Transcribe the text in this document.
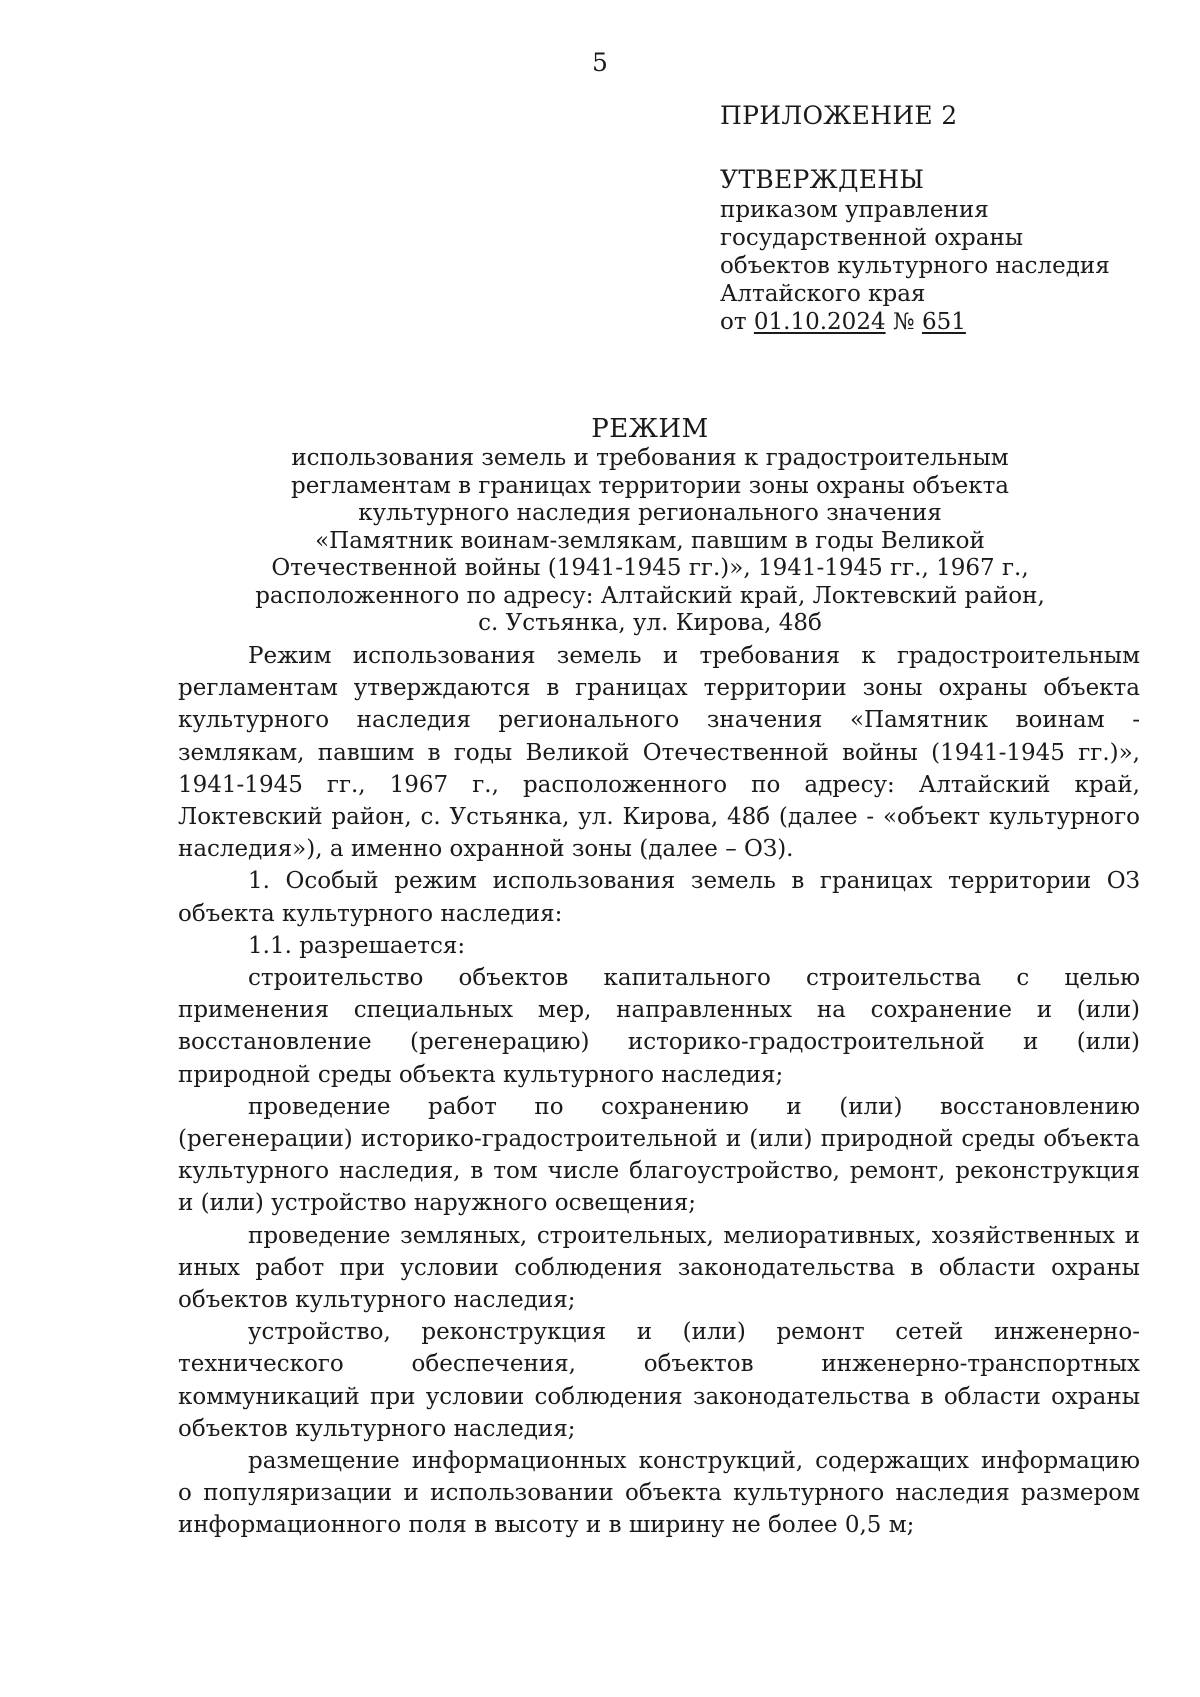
5
ПРИЛОЖЕНИЕ 2
УТВЕРЖДЕНЫ
приказом управления
государственной охраны
объектов культурного наследия
Алтайского края
от 01.10.2024 № 651
РЕЖИМ
использования земель и требования к градостроительным
регламентам в границах территории зоны охраны объекта
культурного наследия регионального значения
«Памятник воинам-землякам, павшим в годы Великой
Отечественной войны (1941-1945 гг.)», 1941-1945 гг., 1967 г.,
расположенного по адресу: Алтайский край, Локтевский район,
с. Устьянка, ул. Кирова, 48б

Режим использования земель и требования к градостроительным регламентам утверждаются в границах территории зоны охраны объекта культурного наследия регионального значения «Памятник воинам - землякам, павшим в годы Великой Отечественной войны (1941-1945 гг.)», 1941-1945 гг., 1967 г., расположенного по адресу: Алтайский край, Локтевский район, с. Устьянка, ул. Кирова, 48б (далее - «объект культурного наследия»), а именно охранной зоны (далее – ОЗ).

1. Особый режим использования земель в границах территории ОЗ объекта культурного наследия:

1.1. разрешается:

строительство объектов капитального строительства с целью применения специальных мер, направленных на сохранение и (или) восстановление (регенерацию) историко-градостроительной и (или) природной среды объекта культурного наследия;

проведение работ по сохранению и (или) восстановлению (регенерации) историко-градостроительной и (или) природной среды объекта культурного наследия, в том числе благоустройство, ремонт, реконструкция и (или) устройство наружного освещения;

проведение земляных, строительных, мелиоративных, хозяйственных и иных работ при условии соблюдения законодательства в области охраны объектов культурного наследия;

устройство, реконструкция и (или) ремонт сетей инженерно-технического обеспечения, объектов инженерно-транспортных коммуникаций при условии соблюдения законодательства в области охраны объектов культурного наследия;

размещение информационных конструкций, содержащих информацию о популяризации и использовании объекта культурного наследия размером информационного поля в высоту и в ширину не более 0,5 м;
